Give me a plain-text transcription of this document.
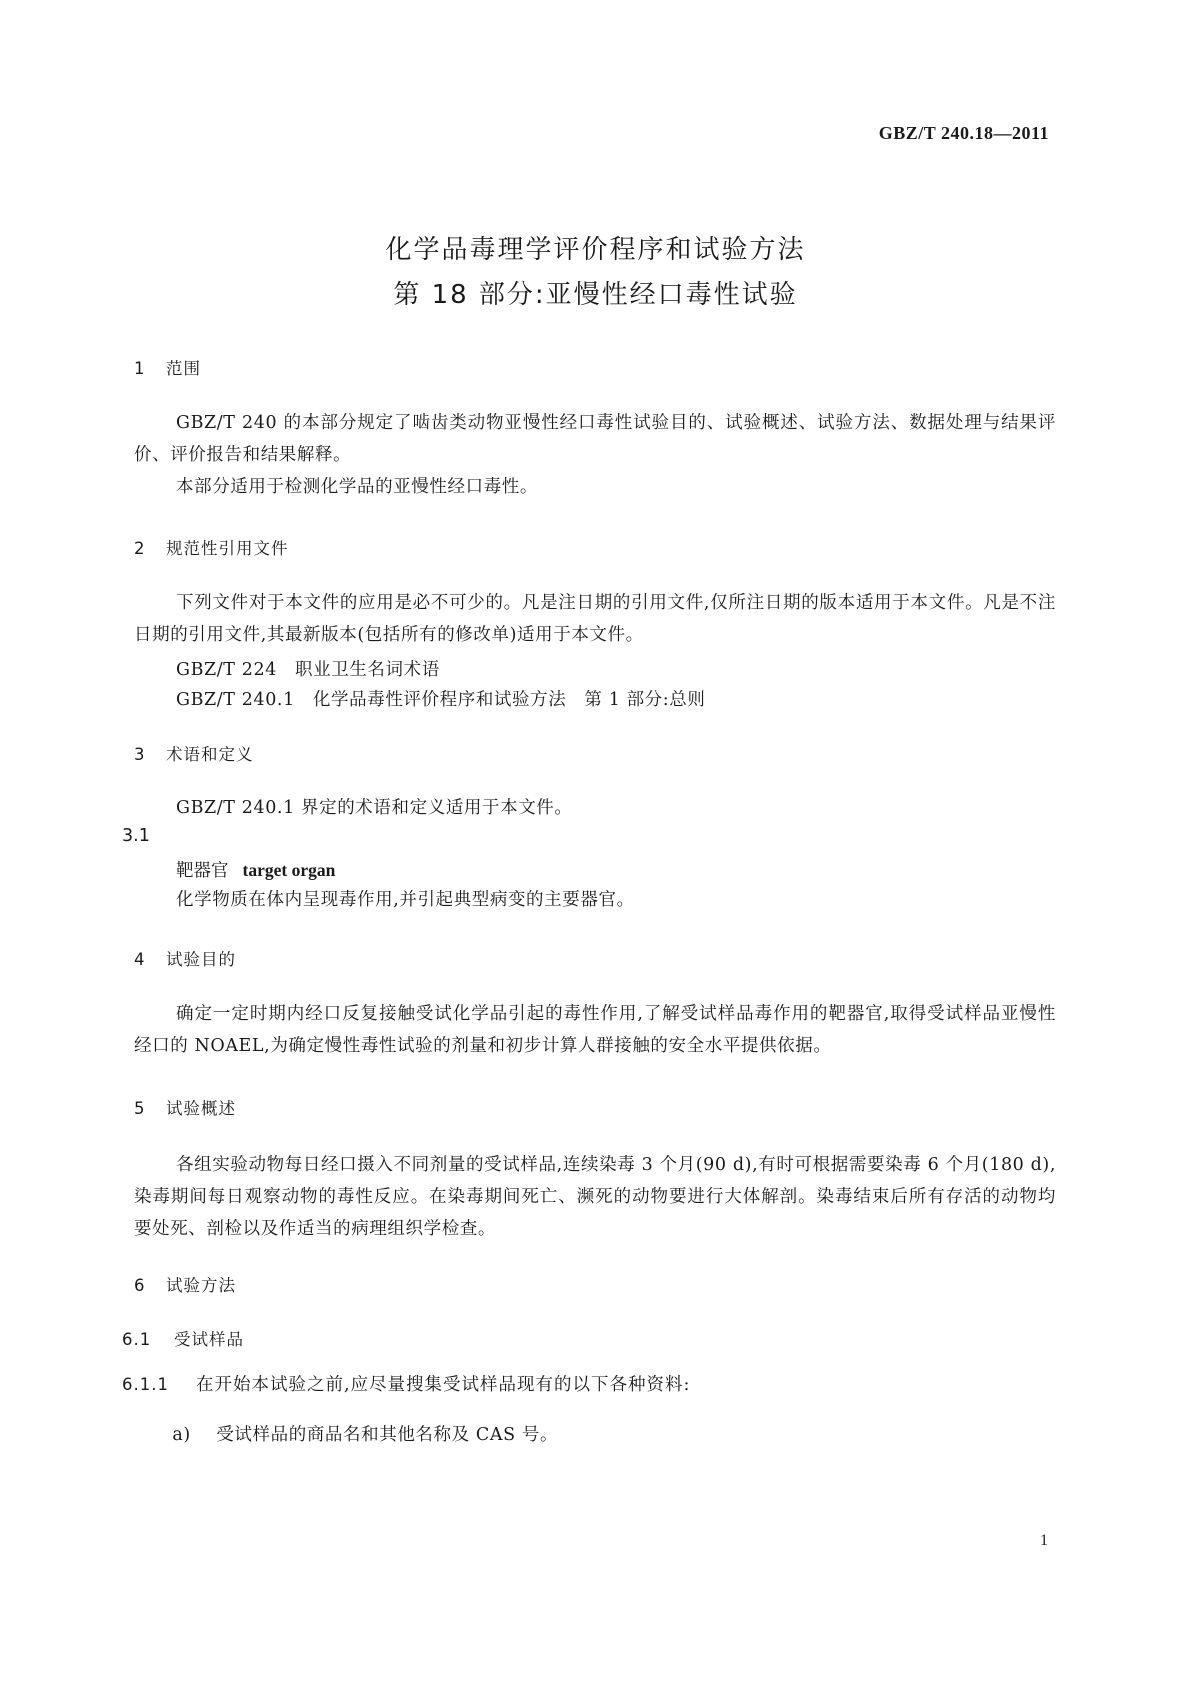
GBZ/T 240.18—2011
化学品毒理学评价程序和试验方法
第 18 部分:亚慢性经口毒性试验
1 范围
GBZ/T 240 的本部分规定了啮齿类动物亚慢性经口毒性试验目的、试验概述、试验方法、数据处理与结果评价、评价报告和结果解释。
本部分适用于检测化学品的亚慢性经口毒性。
2 规范性引用文件
下列文件对于本文件的应用是必不可少的。凡是注日期的引用文件,仅所注日期的版本适用于本文件。凡是不注日期的引用文件,其最新版本(包括所有的修改单)适用于本文件。
GBZ/T 224　职业卫生名词术语
GBZ/T 240.1　化学品毒性评价程序和试验方法　第 1 部分:总则
3 术语和定义
GBZ/T 240.1 界定的术语和定义适用于本文件。
3.1
靶器官 target organ
化学物质在体内呈现毒作用,并引起典型病变的主要器官。
4 试验目的
确定一定时期内经口反复接触受试化学品引起的毒性作用,了解受试样品毒作用的靶器官,取得受试样品亚慢性经口的 NOAEL,为确定慢性毒性试验的剂量和初步计算人群接触的安全水平提供依据。
5 试验概述
各组实验动物每日经口摄入不同剂量的受试样品,连续染毒 3 个月(90 d),有时可根据需要染毒 6 个月(180 d),染毒期间每日观察动物的毒性反应。在染毒期间死亡、濒死的动物要进行大体解剖。染毒结束后所有存活的动物均要处死、剖检以及作适当的病理组织学检查。
6 试验方法
6.1 受试样品
6.1.1 在开始本试验之前,应尽量搜集受试样品现有的以下各种资料:

a) 受试样品的商品名和其他名称及 CAS 号。

1
